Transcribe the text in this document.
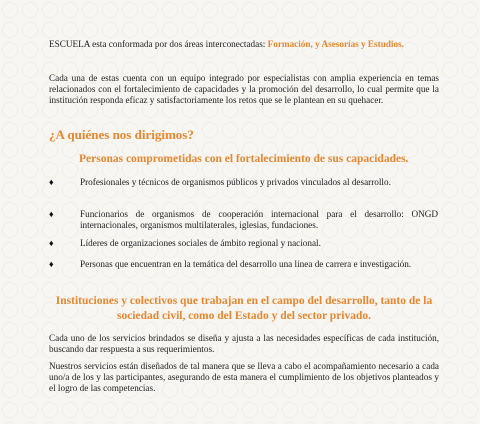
ESCUELA esta conformada por dos áreas interconectadas: Formación, y Asesorías y Estudios.

Cada una de estas cuenta con un equipo integrado por especialistas con amplia experiencia en temas relacionados con el fortalecimiento de capacidades y la promoción del desarrollo, lo cual permite que la institución responda eficaz y satisfactoriamente los retos que se le plantean en su quehacer.

¿A quiénes nos dirigimos?
Personas comprometidas con el fortalecimiento de sus capacidades.
♦	Profesionales y técnicos de organismos públicos y privados vinculados al desarrollo.

♦	Funcionarios de organismos de cooperación internacional para el desarrollo: ONGD internacionales, organismos multilaterales, iglesias, fundaciones.

♦	Líderes de organizaciones sociales de ámbito regional y nacional.

♦	Personas que encuentran en la temática del desarrollo una línea de carrera e investigación.

Instituciones y colectivos que trabajan en el campo del desarrollo, tanto de la sociedad civil, como del Estado y del sector privado.

Cada uno de los servicios brindados se diseña y ajusta a las necesidades específicas de cada institución, buscando dar respuesta a sus requerimientos.

Nuestros servicios están diseñados de tal manera que se lleva a cabo el acompañamiento necesario a cada uno/a de los y las participantes, asegurando de esta manera el cumplimiento de los objetivos planteados y el logro de las competencias.
